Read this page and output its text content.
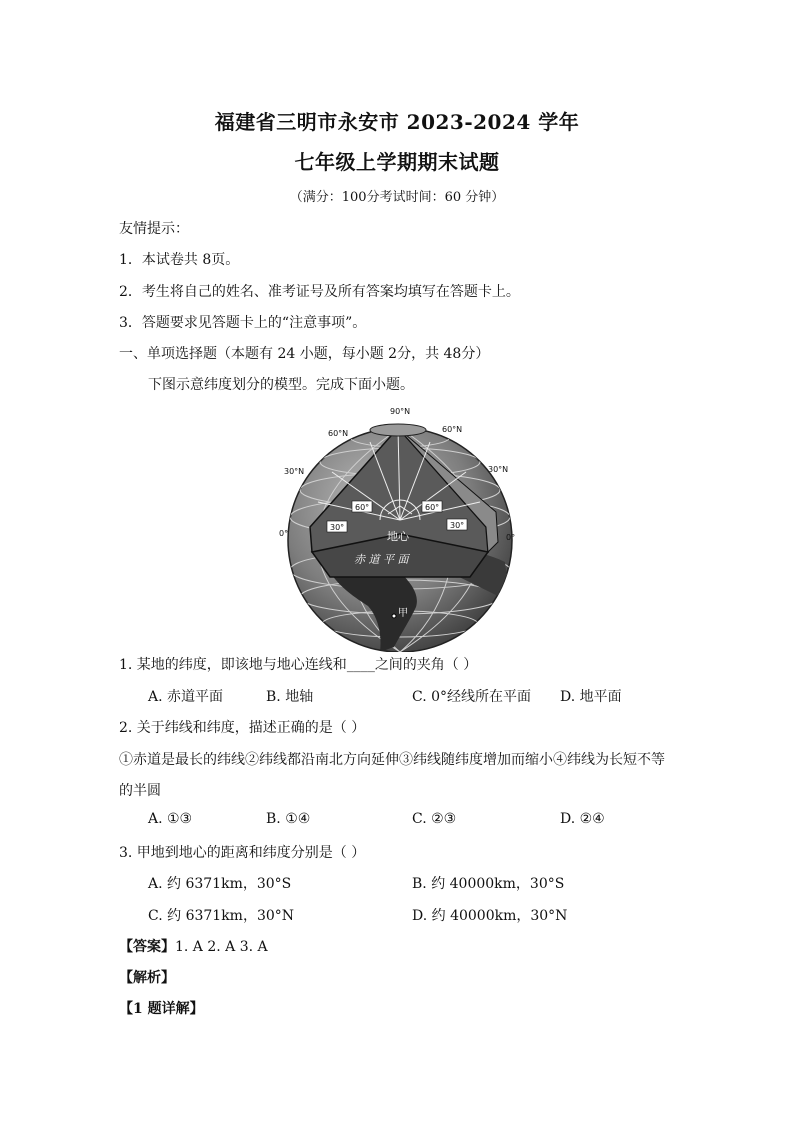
福建省三明市永安市 2023-2024 学年
七年级上学期期末试题
（满分：100分考试时间：60 分钟）
友情提示：
1．本试卷共 8页。
2．考生将自己的姓名、准考证号及所有答案均填写在答题卡上。
3．答题要求见答题卡上的“注意事项”。
一、单项选择题（本题有 24 小题，每小题 2分，共 48分）
下图示意纬度划分的模型。完成下面小题。
90°N
60°N	60°N
30°N	30°N
0°	0°
60°	60°
30°	30°
地心
赤 道 平 面
甲
1. 某地的纬度，即该地与地心连线和____之间的夹角（ ）
A. 赤道平面	B. 地轴	C. 0°经线所在平面 D. 地平面
2. 关于纬线和纬度，描述正确的是（ ）
①赤道是最长的纬线②纬线都沿南北方向延伸③纬线随纬度增加而缩小④纬线为长短不等
的半圆
A. ①③	B. ①④	C. ②③	D. ②④
3. 甲地到地心的距离和纬度分别是（ ）
A. 约 6371km，30°S	B. 约 40000km，30°S
C. 约 6371km，30°N	D. 约 40000km，30°N
【答案】1. A 2. A 3. A
【解析】
【1 题详解】
